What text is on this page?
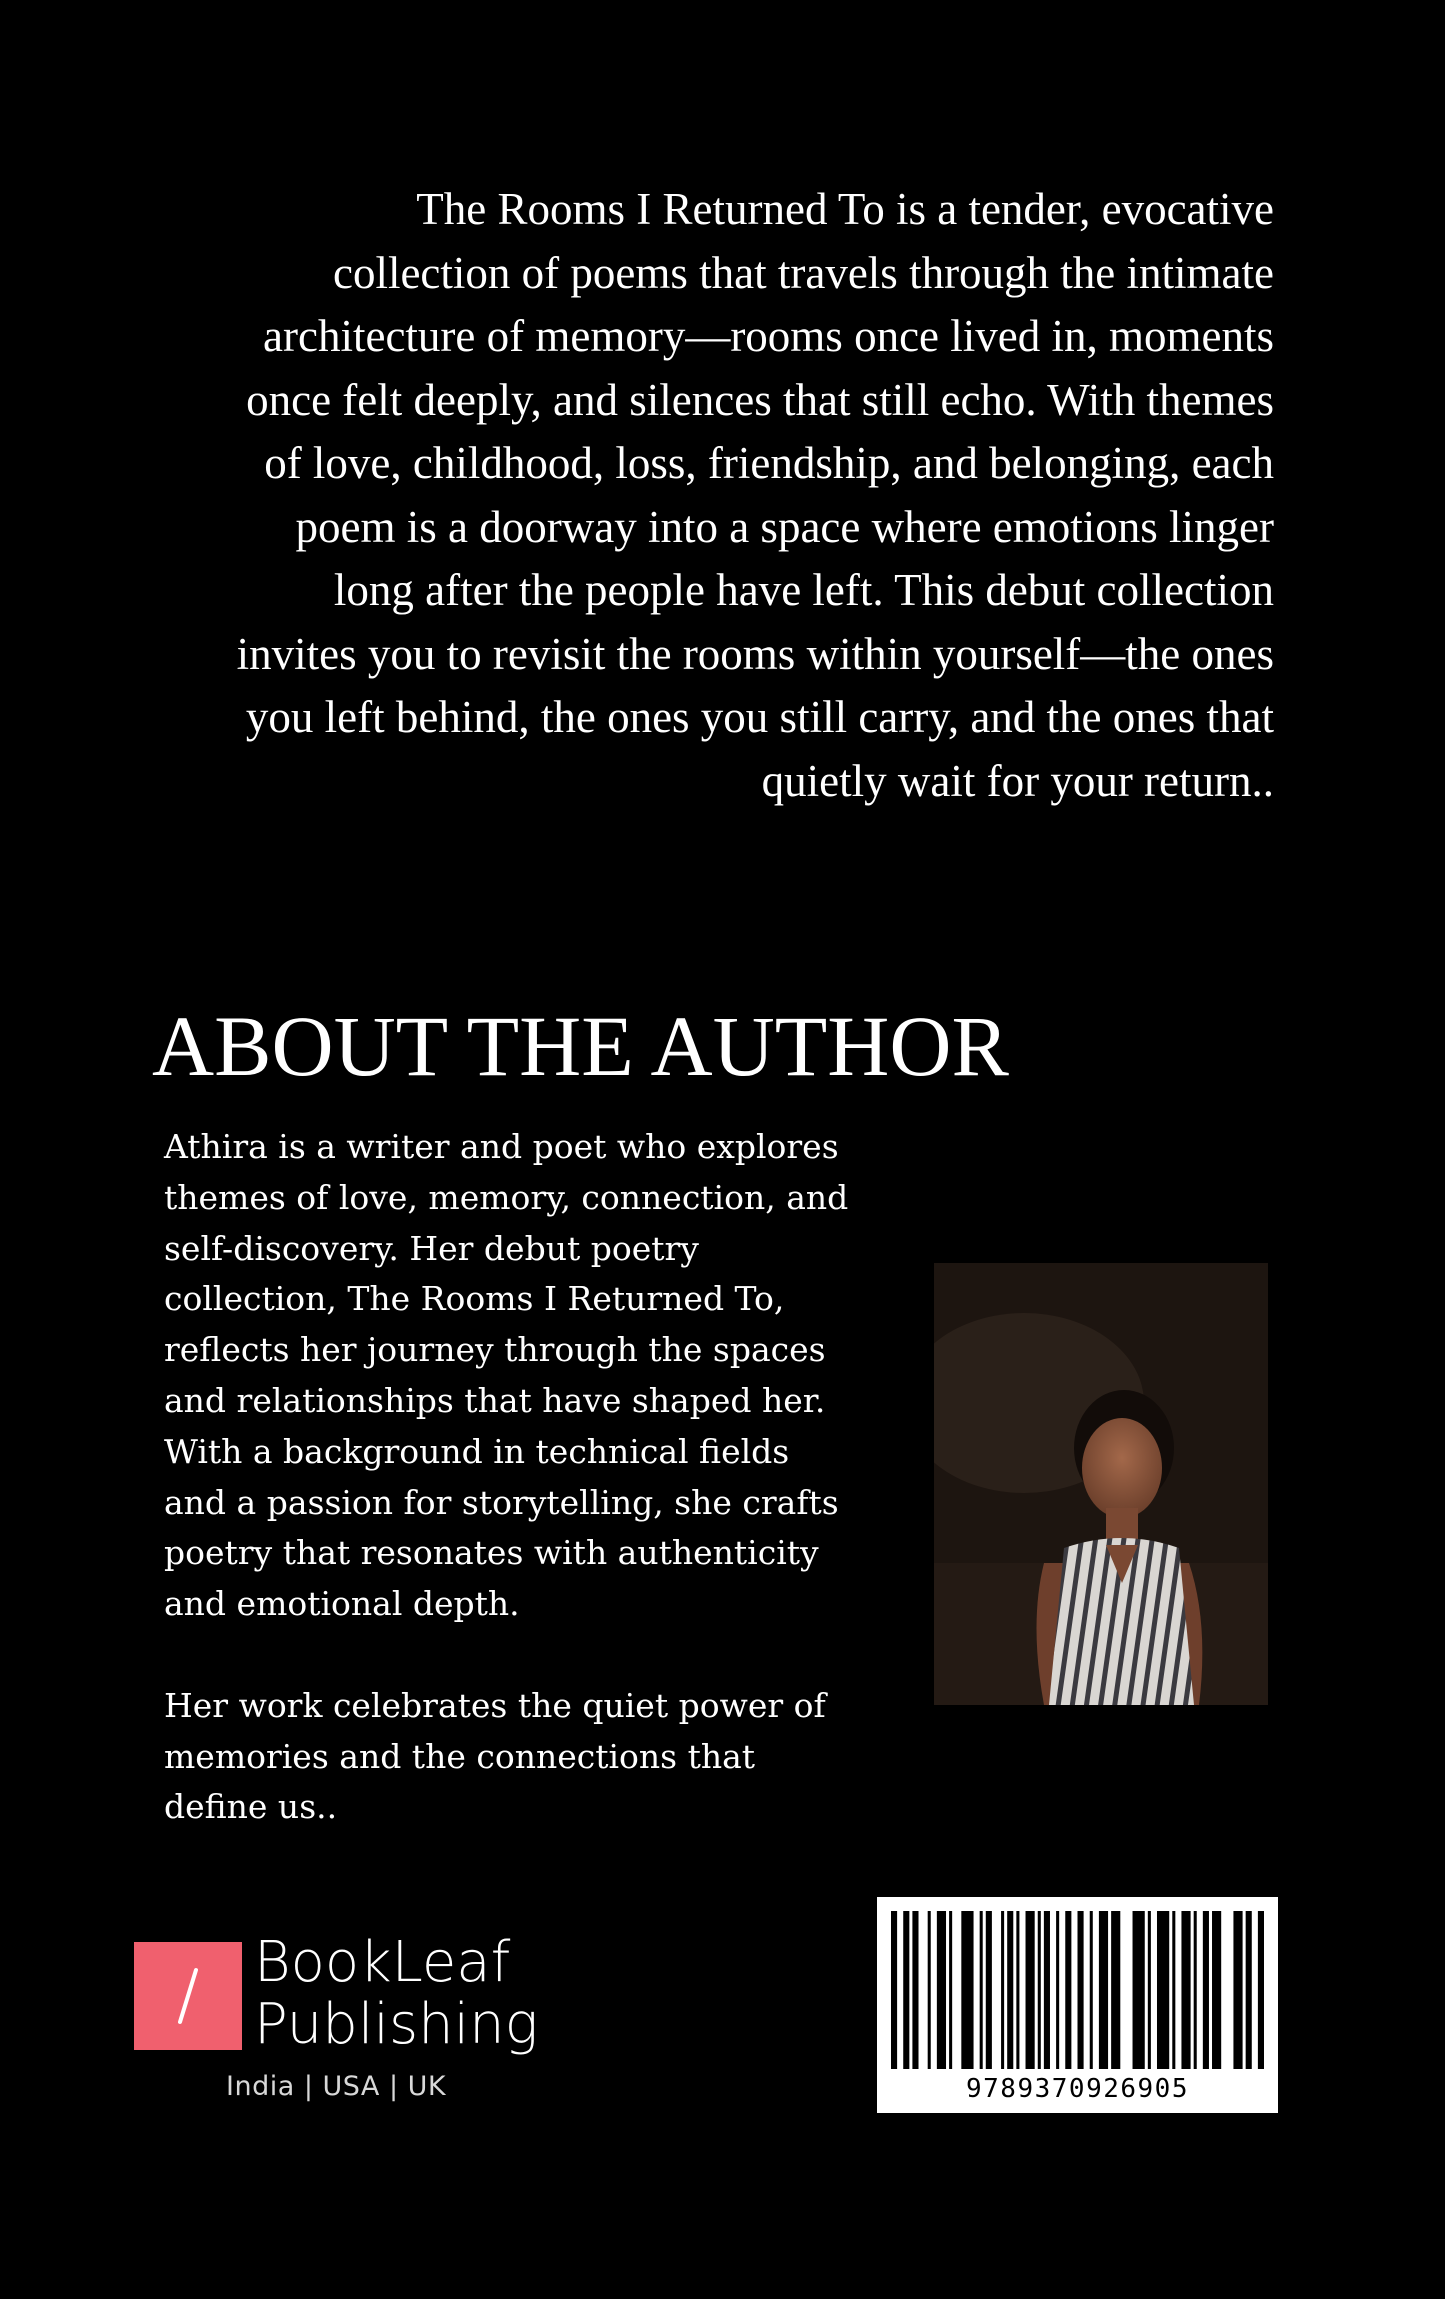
The Rooms I Returned To is a tender, evocative
collection of poems that travels through the intimate
architecture of memory—rooms once lived in, moments
once felt deeply, and silences that still echo. With themes
of love, childhood, loss, friendship, and belonging, each
poem is a doorway into a space where emotions linger
long after the people have left. This debut collection
invites you to revisit the rooms within yourself—the ones
you left behind, the ones you still carry, and the ones that
quietly wait for your return..
ABOUT THE AUTHOR
Athira is a writer and poet who explores
themes of love, memory, connection, and
self-discovery. Her debut poetry
collection, The Rooms I Returned To,
reflects her journey through the spaces
and relationships that have shaped her.
With a background in technical fields
and a passion for storytelling, she crafts
poetry that resonates with authenticity
and emotional depth.
Her work celebrates the quiet power of
memories and the connections that
define us..
BookLeaf
Publishing
India | USA | UK	9789370926905
